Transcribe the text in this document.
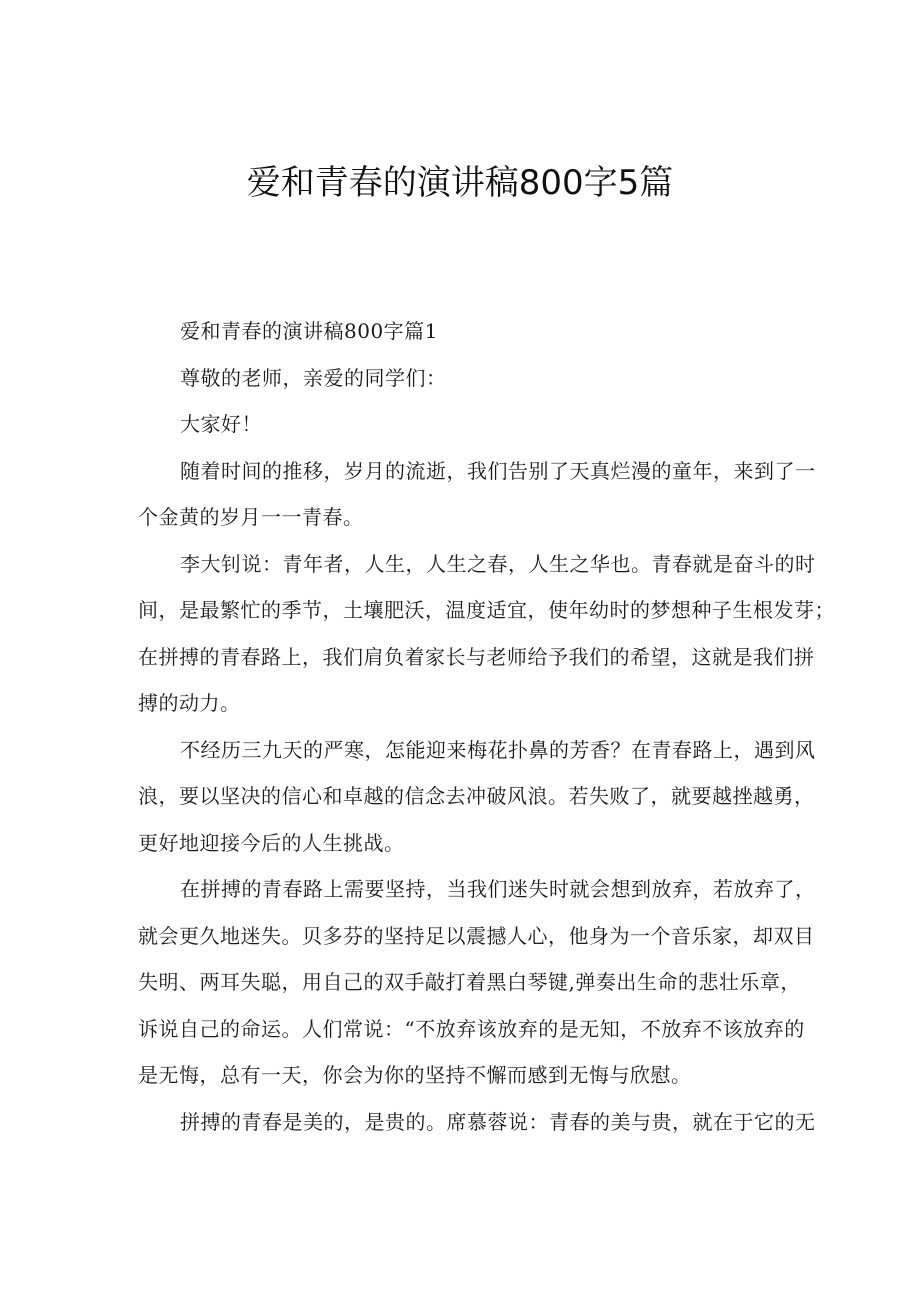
爱和青春的演讲稿800字5篇

爱和青春的演讲稿800字篇1

尊敬的老师，亲爱的同学们：

大家好！

随着时间的推移，岁月的流逝，我们告别了天真烂漫的童年，来到了一

个金黄的岁月一一青春。

李大钊说：青年者，人生，人生之春，人生之华也。青春就是奋斗的时

间，是最繁忙的季节，土壤肥沃，温度适宜，使年幼时的梦想种子生根发芽；

在拼搏的青春路上，我们肩负着家长与老师给予我们的希望，这就是我们拼

搏的动力。

不经历三九天的严寒，怎能迎来梅花扑鼻的芳香？在青春路上，遇到风

浪，要以坚决的信心和卓越的信念去冲破风浪。若失败了，就要越挫越勇，

更好地迎接今后的人生挑战。

在拼搏的青春路上需要坚持，当我们迷失时就会想到放弃，若放弃了，

就会更久地迷失。贝多芬的坚持足以震撼人心，他身为一个音乐家，却双目

失明、两耳失聪，用自己的双手敲打着黑白琴键,弹奏出生命的悲壮乐章，

诉说自己的命运。人们常说：“不放弃该放弃的是无知，不放弃不该放弃的

是无悔，总有一天，你会为你的坚持不懈而感到无悔与欣慰。

拼搏的青春是美的，是贵的。席慕蓉说：青春的美与贵，就在于它的无
